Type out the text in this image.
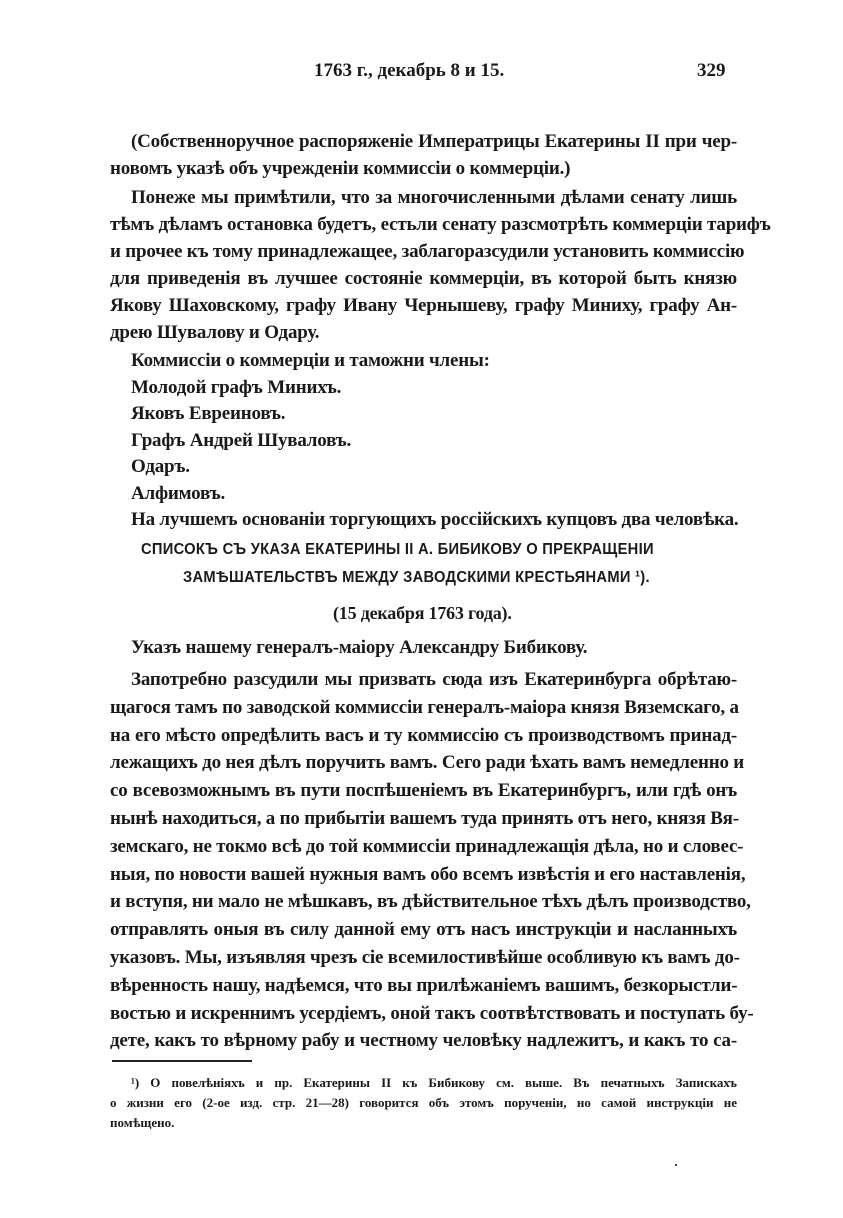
1763 г., декабрь 8 и 15.	329
(Собственноручное распоряженіе Императрицы Екатерины II при чер-
новомъ указѣ объ учрежденіи коммиссіи о коммерціи.)
Понеже мы примѣтили, что за многочисленными дѣлами сенату лишь
тѣмъ дѣламъ остановка будетъ, естьли сенату разсмотрѣть коммерціи тарифъ
и прочее къ тому принадлежащее, заблагоразсудили установить коммиссію
для приведенія въ лучшее состояніе коммерціи, въ которой быть князю
Якову Шаховскому, графу Ивану Чернышеву, графу Миниху, графу Ан-
дрею Шувалову и Одару.
Коммиссіи о коммерціи и таможни члены:
Молодой графъ Минихъ.
Яковъ Евреиновъ.
Графъ Андрей Шуваловъ.
Одаръ.
Алфимовъ.
На лучшемъ основаніи торгующихъ россійскихъ купцовъ два человѣка.
Запотребно разсудили мы призвать сюда изъ Екатеринбурга обрѣтаю-
щагося тамъ по заводской коммиссіи генералъ-маіора князя Вяземскаго, а
на его мѣсто опредѣлить васъ и ту коммиссію съ производствомъ принад-
лежащихъ до нея дѣлъ поручить вамъ. Сего ради ѣхать вамъ немедленно и
со всевозможнымъ въ пути поспѣшеніемъ въ Екатеринбургъ, или гдѣ онъ
нынѣ находиться, а по прибытіи вашемъ туда принять отъ него, князя Вя-
земскаго, не токмо всѣ до той коммиссіи принадлежащія дѣла, но и словес-
ныя, по новости вашей нужныя вамъ обо всемъ извѣстія и его наставленія,
и вступя, ни мало не мѣшкавъ, въ дѣйствительное тѣхъ дѣлъ производство,
отправлять оныя въ силу данной ему отъ насъ инструкціи и насланныхъ
указовъ. Мы, изъявляя чрезъ сіе всемилостивѣйше особливую къ вамъ до-
вѣренность нашу, надѣемся, что вы прилѣжаніемъ вашимъ, безкорыстли-
востью и искреннимъ усердіемъ, оной такъ соотвѣтствовать и поступать бу-
дете, какъ то вѣрному рабу и честному человѣку надлежитъ, и какъ то са-
СПИСОКЪ СЪ УКАЗА ЕКАТЕРИНЫ II А. БИБИКОВУ О ПРЕКРАЩЕНІИ
ЗАМѢШАТЕЛЬСТВЪ МЕЖДУ ЗАВОДСКИМИ КРЕСТЬЯНАМИ ¹).
(15 декабря 1763 года).
Указъ нашему генералъ-маіору Александру Бибикову.
¹) О повелѣніяхъ и пр. Екатерины II къ Бибикову см. выше. Въ печатныхъ Запискахъ
о жизни его (2-ое изд. стр. 21—28) говорится объ этомъ порученіи, но самой инструкціи не
помѣщено.
